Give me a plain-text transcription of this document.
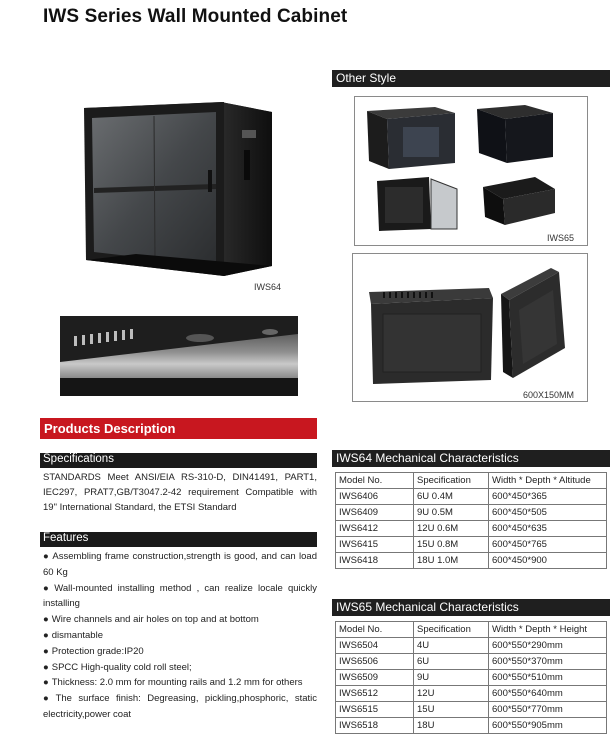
IWS Series Wall Mounted Cabinet
IWS64
Other Style
IWS65
600X150MM
Products Description
Specifications
STANDARDS Meet ANSI/EIA RS-310-D, DIN41491, PART1, IEC297, PRAT7,GB/T3047.2-42 requirement Compatible with 19" International Standard, the ETSI Standard
Features
● Assembling frame construction,strength is good, and can load 60 Kg
● Wall-mounted installing method , can realize locale quickly installing
● Wire channels and air holes on top and at bottom
● dismantable
● Protection grade:IP20
● SPCC High-quality cold roll steel;
● Thickness: 2.0 mm for mounting rails and 1.2 mm for others
● The surface finish: Degreasing, pickling,phosphoric, static electricity,power coat
IWS64 Mechanical Characteristics
Model No.	Specification	Width * Depth * Altitude
IWS6406	6U 0.4M	600*450*365
IWS6409	9U 0.5M	600*450*505
IWS6412	12U 0.6M	600*450*635
IWS6415	15U 0.8M	600*450*765
IWS6418	18U 1.0M	600*450*900
IWS65 Mechanical Characteristics
Model No.	Specification	Width * Depth * Height
IWS6504	4U	600*550*290mm
IWS6506	6U	600*550*370mm
IWS6509	9U	600*550*510mm
IWS6512	12U	600*550*640mm
IWS6515	15U	600*550*770mm
IWS6518	18U	600*550*905mm
